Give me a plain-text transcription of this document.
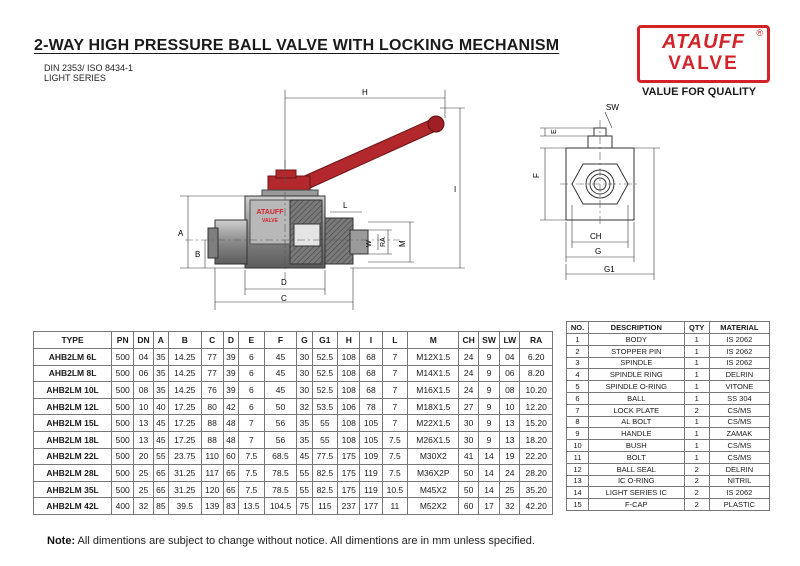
2-WAY HIGH PRESSURE BALL VALVE WITH LOCKING MECHANISM
DIN 2353/ ISO 8434-1
LIGHT SERIES
ATAUFF
VALVE
®
VALUE FOR QUALITY
ATAUFF
VALVE
H
I
A
B
D
C
L
RA
W	M
SW
E
F
CH
G
G1
TYPE	PN	DN	A	B	C	D	E	F	G	G1	H	I	L	M	CH	SW	LW	RA
AHB2LM 6L	500	04	35	14.25	77	39	6	45	30	52.5	108	68	7	M12X1.5	24	9	04	6.20
AHB2LM 8L	500	06	35	14.25	77	39	6	45	30	52.5	108	68	7	M14X1.5	24	9	06	8.20
AHB2LM 10L	500	08	35	14.25	76	39	6	45	30	52.5	108	68	7	M16X1.5	24	9	08	10.20
AHB2LM 12L	500	10	40	17.25	80	42	6	50	32	53.5	106	78	7	M18X1.5	27	9	10	12.20
AHB2LM 15L	500	13	45	17.25	88	48	7	56	35	55	108	105	7	M22X1.5	30	9	13	15.20
AHB2LM 18L	500	13	45	17.25	88	48	7	56	35	55	108	105	7.5	M26X1.5	30	9	13	18.20
AHB2LM 22L	500	20	55	23.75	110	60	7.5	68.5	45	77.5	175	109	7.5	M30X2	41	14	19	22.20
AHB2LM 28L	500	25	65	31.25	117	65	7.5	78.5	55	82.5	175	119	7.5	M36X2P	50	14	24	28.20
AHB2LM 35L	500	25	65	31.25	120	65	7.5	78.5	55	82.5	175	119	10.5	M45X2	50	14	25	35.20
AHB2LM 42L	400	32	85	39.5	139	83	13.5	104.5	75	115	237	177	11	M52X2	60	17	32	42.20
NO.	DESCRIPTION	QTY	MATERIAL
1	BODY	1	IS 2062
2	STOPPER PIN	1	IS 2062
3	SPINDLE	1	IS 2062
4	SPINDLE RING	1	DELRIN
5	SPINDLE O-RING	1	VITONE
6	BALL	1	SS 304
7	LOCK PLATE	2	CS/MS
8	AL BOLT	1	CS/MS
9	HANDLE	1	ZAMAK
10	BUSH	1	CS/MS
11	BOLT	1	CS/MS
12	BALL SEAL	2	DELRIN
13	IC O-RING	2	NITRIL
14	LIGHT SERIES IC	2	IS 2062
15	F-CAP	2	PLASTIC
Note: All dimentions are subject to change without notice. All dimentions are in mm unless specified.
